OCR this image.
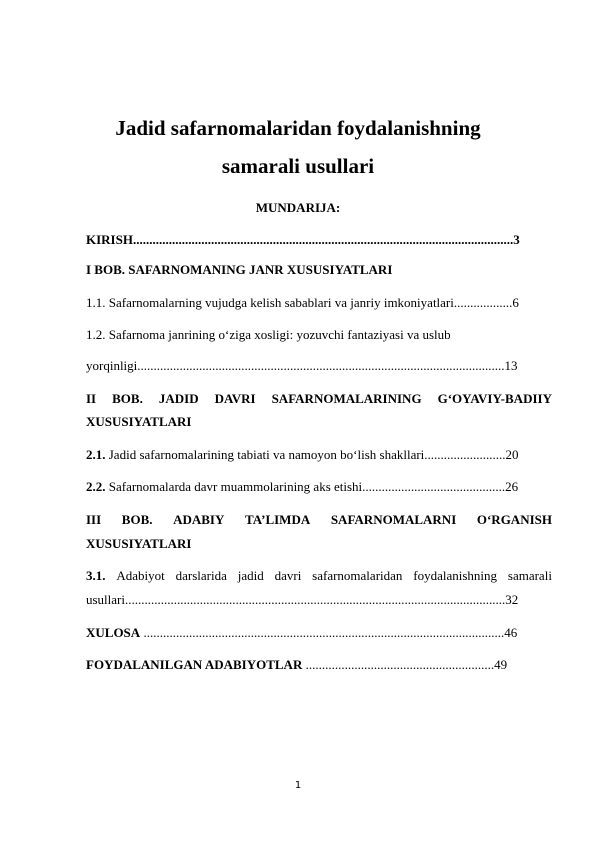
Jadid safarnomalaridan foydalanishning
samarali usullari
MUNDARIJA:
KIRISH.....................................................................................................................3
I BOB. SAFARNOMANING JANR XUSUSIYATLARI
1.1. Safarnomalarning vujudga kelish sabablari va janriy imkoniyatlari..................6
1.2. Safarnoma janrining o‘ziga xosligi: yozuvchi fantaziyasi va uslub
yorqinligi.................................................................................................................13
II BOB. JADID DAVRI SAFARNOMALARINING G‘OYAVIY-BADIIY
XUSUSIYATLARI
2.1. Jadid safarnomalarining tabiati va namoyon bo‘lish shakllari.........................20
2.2. Safarnomalarda davr muammolarining aks etishi............................................26
III BOB. ADABIY TA’LIMDA SAFARNOMALARNI O‘RGANISH
XUSUSIYATLARI
3.1. Adabiyot darslarida jadid davri safarnomalaridan foydalanishning samarali
usullari.....................................................................................................................32
XULOSA ...............................................................................................................46
FOYDALANILGAN ADABIYOTLAR ..........................................................49
1
